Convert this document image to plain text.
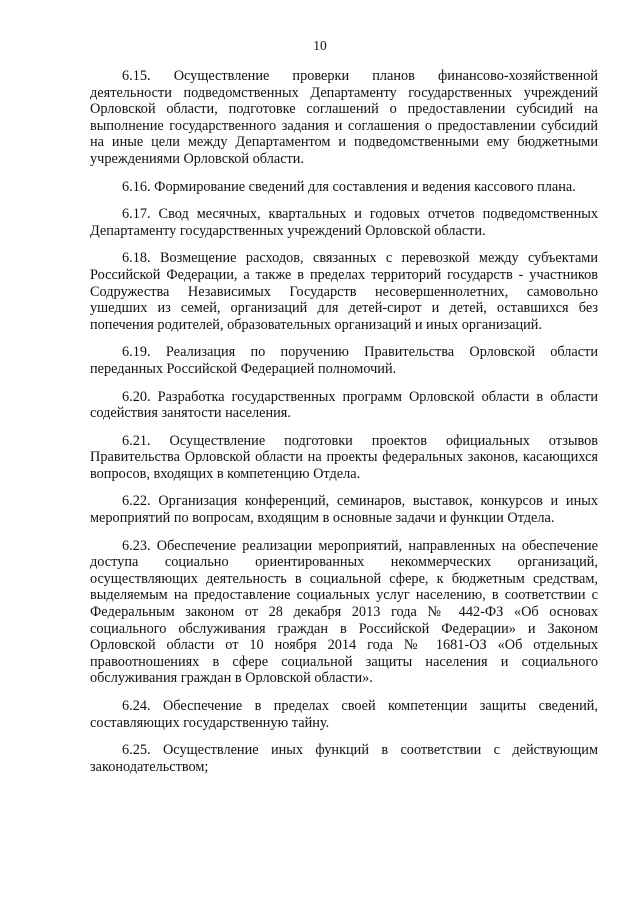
10

6.15. Осуществление проверки планов финансово-хозяйственной деятельности подведомственных Департаменту государственных учреждений Орловской области, подготовке соглашений о предоставлении субсидий на выполнение государственного задания и соглашения о предоставлении субсидий на иные цели между Департаментом и подведомственными ему бюджетными учреждениями Орловской области.

6.16. Формирование сведений для составления и ведения кассового плана.

6.17. Свод месячных, квартальных и годовых отчетов подведомственных Департаменту государственных учреждений Орловской области.

6.18. Возмещение расходов, связанных с перевозкой между субъектами Российской Федерации, а также в пределах территорий государств - участников Содружества Независимых Государств несовершеннолетних, самовольно ушедших из семей, организаций для детей-сирот и детей, оставшихся без попечения родителей, образовательных организаций и иных организаций.

6.19. Реализация по поручению Правительства Орловской области переданных Российской Федерацией полномочий.

6.20. Разработка государственных программ Орловской области в области содействия занятости населения.

6.21. Осуществление подготовки проектов официальных отзывов Правительства Орловской области на проекты федеральных законов, касающихся вопросов, входящих в компетенцию Отдела.

6.22. Организация конференций, семинаров, выставок, конкурсов и иных мероприятий по вопросам, входящим в основные задачи и функции Отдела.

6.23. Обеспечение реализации мероприятий, направленных на обеспечение доступа социально ориентированных некоммерческих организаций, осуществляющих деятельность в социальной сфере, к бюджетным средствам, выделяемым на предоставление социальных услуг населению, в соответствии с Федеральным законом от 28 декабря 2013 года № 442-ФЗ «Об основах социального обслуживания граждан в Российской Федерации» и Законом Орловской области от 10 ноября 2014 года № 1681-ОЗ «Об отдельных правоотношениях в сфере социальной защиты населения и социального обслуживания граждан в Орловской области».

6.24. Обеспечение в пределах своей компетенции защиты сведений, составляющих государственную тайну.

6.25. Осуществление иных функций в соответствии с действующим законодательством;
